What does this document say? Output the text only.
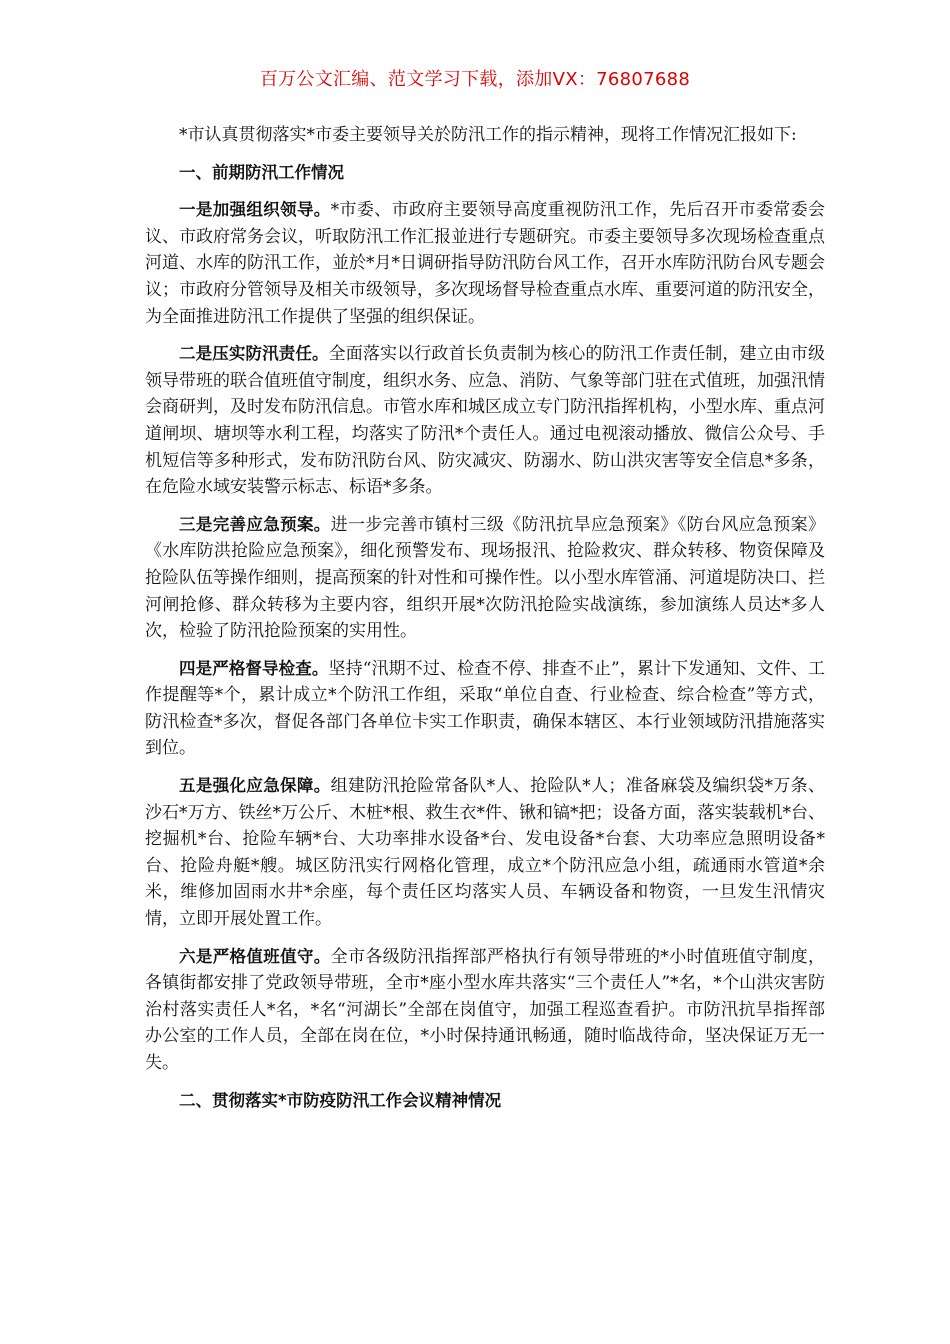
百万公文汇编、范文学习下载，添加VX：76807688

*市认真贯彻落实*市委主要领导关於防汛工作的指示精神，现将工作情况汇报如下:

一、前期防汛工作情况

一是加强组织领导。*市委、市政府主要领导高度重视防汛工作，先后召开市委常委会议、市政府常务会议，听取防汛工作汇报並进行专题研究。市委主要领导多次现场检查重点河道、水库的防汛工作，並於*月*日调研指导防汛防台风工作，召开水库防汛防台风专题会议；市政府分管领导及相关市级领导，多次现场督导检查重点水库、重要河道的防汛安全，为全面推进防汛工作提供了坚强的组织保证。

二是压实防汛责任。全面落实以行政首长负责制为核心的防汛工作责任制，建立由市级领导带班的联合值班值守制度，组织水务、应急、消防、气象等部门驻在式值班，加强汛情会商研判，及时发布防汛信息。市管水库和城区成立专门防汛指挥机构，小型水库、重点河道闸坝、塘坝等水利工程，均落实了防汛*个责任人。通过电视滚动播放、微信公众号、手机短信等多种形式，发布防汛防台风、防灾减灾、防溺水、防山洪灾害等安全信息*多条，在危险水域安装警示标志、标语*多条。

三是完善应急预案。进一步完善市镇村三级《防汛抗旱应急预案》《防台风应急预案》《水库防洪抢险应急预案》，细化预警发布、现场报汛、抢险救灾、群众转移、物资保障及抢险队伍等操作细则，提高预案的针对性和可操作性。以小型水库管涌、河道堤防决口、拦河闸抢修、群众转移为主要内容，组织开展*次防汛抢险实战演练，参加演练人员达*多人次，检验了防汛抢险预案的实用性。

四是严格督导检查。坚持“汛期不过、检查不停、排查不止”，累计下发通知、文件、工作提醒等*个，累计成立*个防汛工作组，采取“单位自查、行业检查、综合检查”等方式，防汛检查*多次，督促各部门各单位卡实工作职责，确保本辖区、本行业领域防汛措施落实到位。

五是强化应急保障。组建防汛抢险常备队*人、抢险队*人；准备麻袋及编织袋*万条、沙石*万方、铁丝*万公斤、木桩*根、救生衣*件、锹和镐*把；设备方面，落实装载机*台、挖掘机*台、抢险车辆*台、大功率排水设备*台、发电设备*台套、大功率应急照明设备*台、抢险舟艇*艘。城区防汛实行网格化管理，成立*个防汛应急小组，疏通雨水管道*余米，维修加固雨水井*余座，每个责任区均落实人员、车辆设备和物资，一旦发生汛情灾情，立即开展处置工作。

六是严格值班值守。全市各级防汛指挥部严格执行有领导带班的*小时值班值守制度，各镇街都安排了党政领导带班，全市*座小型水库共落实“三个责任人”*名，*个山洪灾害防治村落实责任人*名，*名“河湖长”全部在岗值守，加强工程巡查看护。市防汛抗旱指挥部办公室的工作人员，全部在岗在位，*小时保持通讯畅通，随时临战待命，坚决保证万无一失。

二、贯彻落实*市防疫防汛工作会议精神情况
